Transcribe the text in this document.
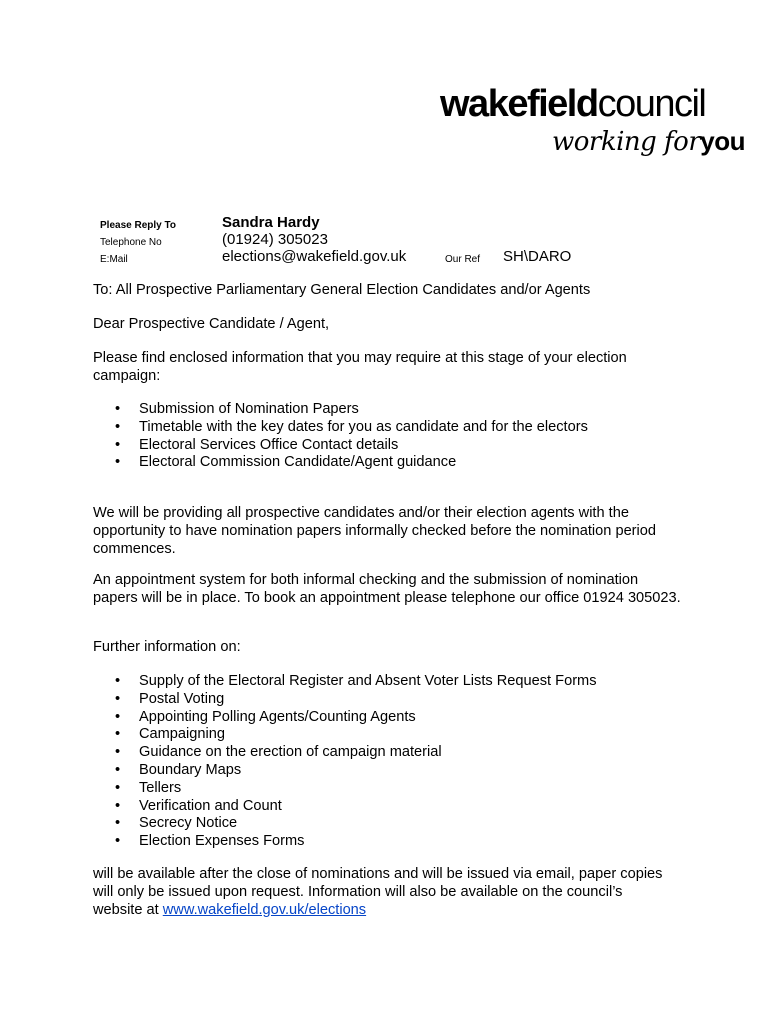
wakefieldcouncil
working foryou
Please Reply To	Sandra Hardy
Telephone No	(01924) 305023
E:Mail	elections@wakefield.gov.uk	Our Ref SH\DARO

To: All Prospective Parliamentary General Election Candidates and/or Agents

Dear Prospective Candidate / Agent,

Please find enclosed information that you may require at this stage of your election campaign:

• Submission of Nomination Papers
• Timetable with the key dates for you as candidate and for the electors
• Electoral Services Office Contact details
• Electoral Commission Candidate/Agent guidance

We will be providing all prospective candidates and/or their election agents with the opportunity to have nomination papers informally checked before the nomination period commences.

An appointment system for both informal checking and the submission of nomination papers will be in place. To book an appointment please telephone our office 01924 305023.

Further information on:

• Supply of the Electoral Register and Absent Voter Lists Request Forms
• Postal Voting
• Appointing Polling Agents/Counting Agents
• Campaigning
• Guidance on the erection of campaign material
• Boundary Maps
• Tellers
• Verification and Count
• Secrecy Notice
• Election Expenses Forms

will be available after the close of nominations and will be issued via email, paper copies will only be issued upon request. Information will also be available on the council’s website at www.wakefield.gov.uk/elections
